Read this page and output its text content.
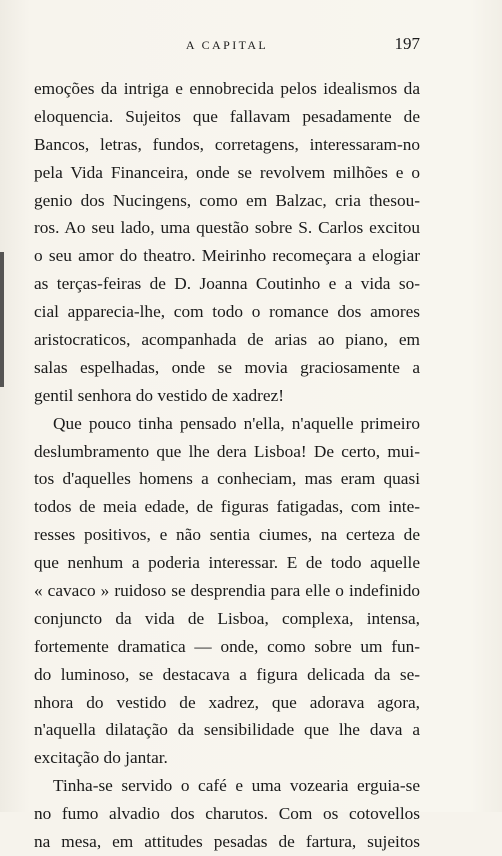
A CAPITAL	197
emoções da intriga e ennobrecida pelos idealismos da
eloquencia. Sujeitos que fallavam pesadamente de
Bancos, letras, fundos, corretagens, interessaram-no
pela Vida Financeira, onde se revolvem milhões e o
genio dos Nucingens, como em Balzac, cria thesou-
ros. Ao seu lado, uma questão sobre S. Carlos excitou
o seu amor do theatro. Meirinho recomeçara a elogiar
as terças-feiras de D. Joanna Coutinho e a vida so-
cial apparecia-lhe, com todo o romance dos amores
aristocraticos, acompanhada de arias ao piano, em
salas espelhadas, onde se movia graciosamente a
gentil senhora do vestido de xadrez!
Que pouco tinha pensado n'ella, n'aquelle primeiro
deslumbramento que lhe dera Lisboa! De certo, mui-
tos d'aquelles homens a conheciam, mas eram quasi
todos de meia edade, de figuras fatigadas, com inte-
resses positivos, e não sentia ciumes, na certeza de
que nenhum a poderia interessar. E de todo aquelle
« cavaco » ruidoso se desprendia para elle o indefinido
conjuncto da vida de Lisboa, complexa, intensa,
fortemente dramatica — onde, como sobre um fun-
do luminoso, se destacava a figura delicada da se-
nhora do vestido de xadrez, que adorava agora,
n'aquella dilatação da sensibilidade que lhe dava a
excitação do jantar.
Tinha-se servido o café e uma vozearia erguia-se
no fumo alvadio dos charutos. Com os cotovellos
na mesa, em attitudes pesadas de fartura, sujeitos
